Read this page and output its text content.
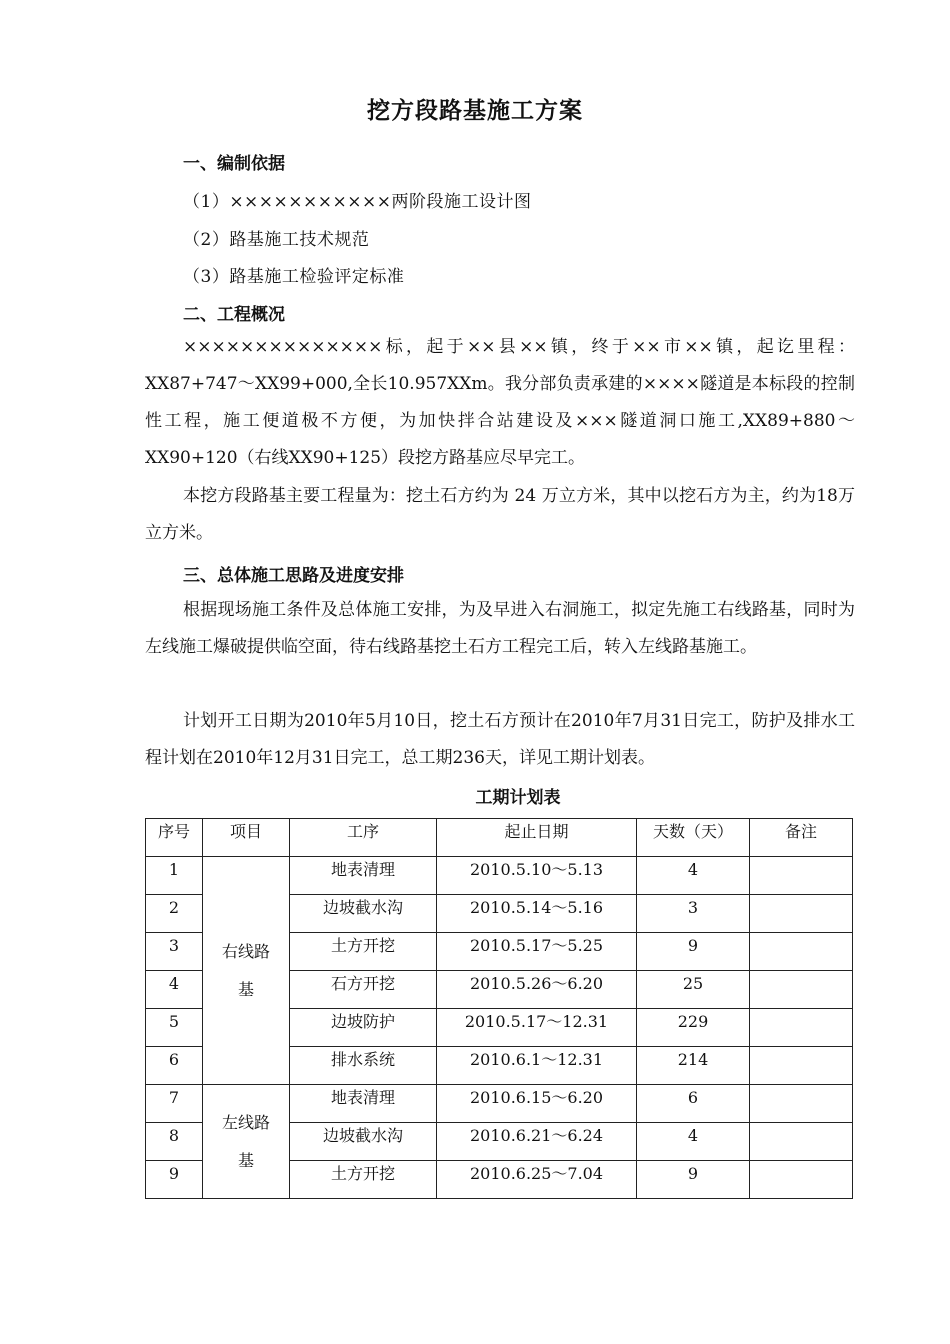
挖方段路基施工方案
一、编制依据
（1）×××××××××××两阶段施工设计图
（2）路基施工技术规范
（3）路基施工检验评定标准
二、工程概况
××××××××××××××标，起于××县××镇，终于××市××镇，起讫里程：XX87+747～XX99+000,全长10.957XXm。我分部负责承建的××××隧道是本标段的控制性工程，施工便道极不方便，为加快拌合站建设及×××隧道洞口施工,XX89+880～XX90+120（右线XX90+125）段挖方路基应尽早完工。
本挖方段路基主要工程量为：挖土石方约为 24 万立方米，其中以挖石方为主，约为18万立方米。
三、总体施工思路及进度安排
根据现场施工条件及总体施工安排，为及早进入右洞施工，拟定先施工右线路基，同时为左线施工爆破提供临空面，待右线路基挖土石方工程完工后，转入左线路基施工。
计划开工日期为2010年5月10日，挖土石方预计在2010年7月31日完工，防护及排水工程计划在2010年12月31日完工，总工期236天，详见工期计划表。
工期计划表
序号	项目	工序	起止日期	天数（天）	备注
1	右线路基	地表清理	2010.5.10～5.13	4	
2		边坡截水沟	2010.5.14～5.16	3	
3		土方开挖	2010.5.17～5.25	9	
4		石方开挖	2010.5.26～6.20	25	
5		边坡防护	2010.5.17～12.31	229	
6		排水系统	2010.6.1～12.31	214	
7	左线路基	地表清理	2010.6.15～6.20	6	
8		边坡截水沟	2010.6.21～6.24	4	
9		土方开挖	2010.6.25～7.04	9	
